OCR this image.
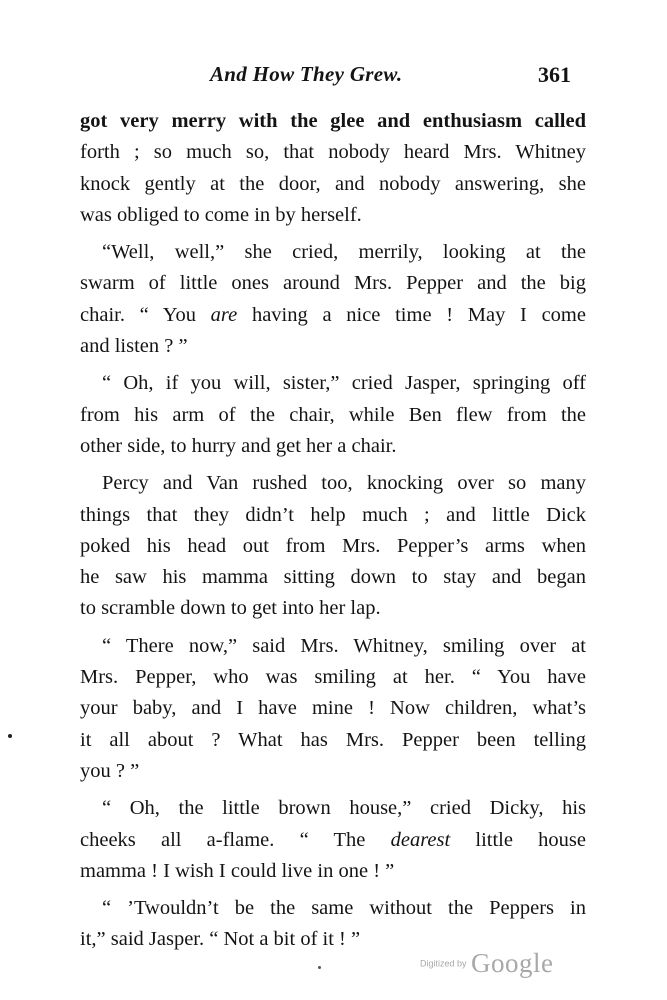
And How They Grew.	361
got very merry with the glee and enthusiasm called
forth ; so much so, that nobody heard Mrs. Whitney
knock gently at the door, and nobody answering, she
was obliged to come in by herself.
“Well, well,” she cried, merrily, looking at the
swarm of little ones around Mrs. Pepper and the big
chair. “ You are having a nice time ! May I come
and listen ? ”
“ Oh, if you will, sister,” cried Jasper, springing off
from his arm of the chair, while Ben flew from the
other side, to hurry and get her a chair.
Percy and Van rushed too, knocking over so many
things that they didn’t help much ; and little Dick
poked his head out from Mrs. Pepper’s arms when
he saw his mamma sitting down to stay and began
to scramble down to get into her lap.
“ There now,” said Mrs. Whitney, smiling over at
Mrs. Pepper, who was smiling at her. “ You have
your baby, and I have mine ! Now children, what’s
it all about ? What has Mrs. Pepper been telling
you ? ”
“ Oh, the little brown house,” cried Dicky, his
cheeks all a-flame. “ The dearest little house
mamma ! I wish I could live in one ! ”
“ ’Twouldn’t be the same without the Peppers in
it,” said Jasper. “ Not a bit of it ! ”
Digitized by Google
